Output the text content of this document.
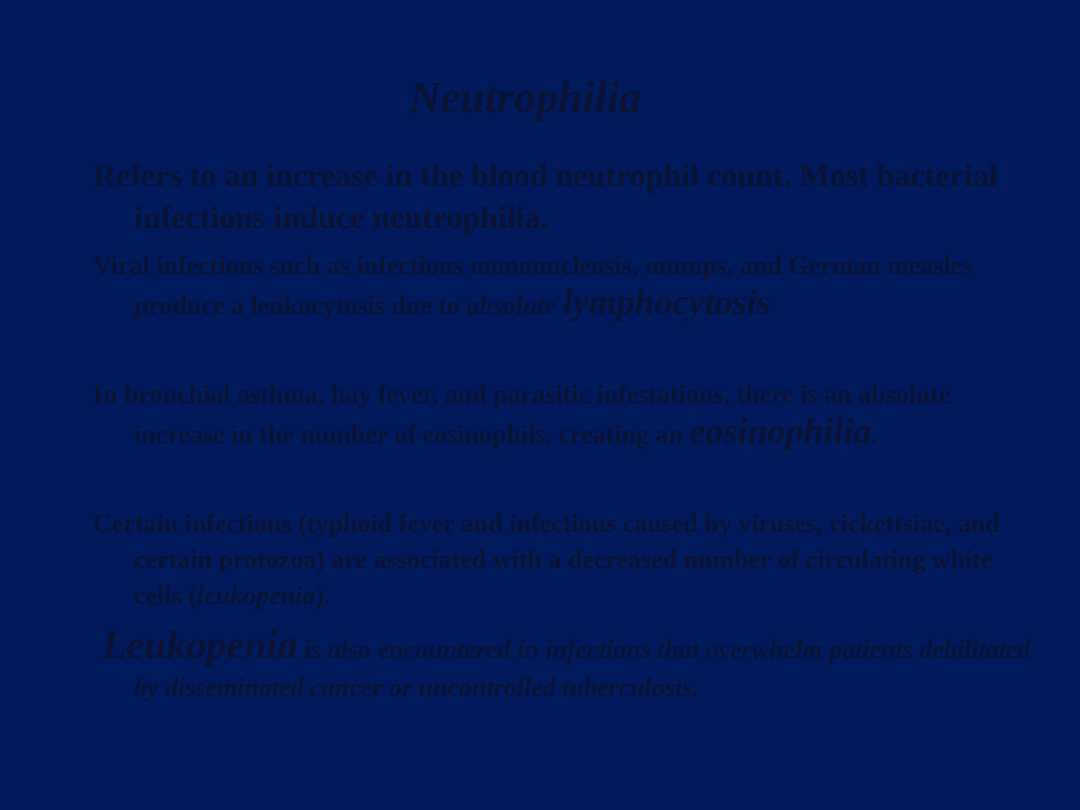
Neutrophilia
Refers to an increase in the blood neutrophil count. Most bacterial infections induce neutrophilia.
Viral infections such as infectious mononucleosis, mumps, and German measles produce a leukocytosis due to absolute lymphocytosis
In bronchial asthma, hay fever, and parasitic infestations, there is an absolute increase in the number of eosinophils, creating an eosinophilia.
Certain infections (typhoid fever and infections caused by viruses, rickettsiae, and certain protozoa) are associated with a decreased number of circulating white cells (leukopenia).
Leukopenia is also encountered in infections that overwhelm patients debilitated by disseminated cancer or uncontrolled tuberculosis.
